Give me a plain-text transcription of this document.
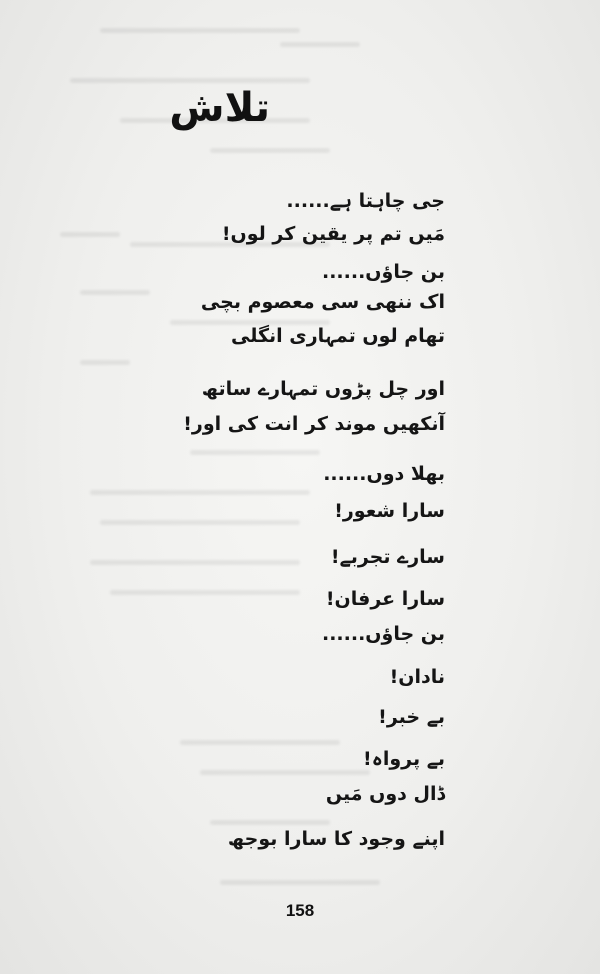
تلاش
جی چاہتا ہے......
مَیں تم پر یقین کر لوں!
بن جاؤں......
اک ننھی سی معصوم بچی
تھام لوں تمہاری انگلی
اور چل پڑوں تمہارے ساتھ
آنکھیں موند کر انت کی اور!
بھلا دوں......
سارا شعور!
سارے تجربے!
سارا عرفان!
بن جاؤں......
نادان!
بے خبر!
بے پرواہ!
ڈال دوں مَیں
اپنے وجود کا سارا بوجھ
158
